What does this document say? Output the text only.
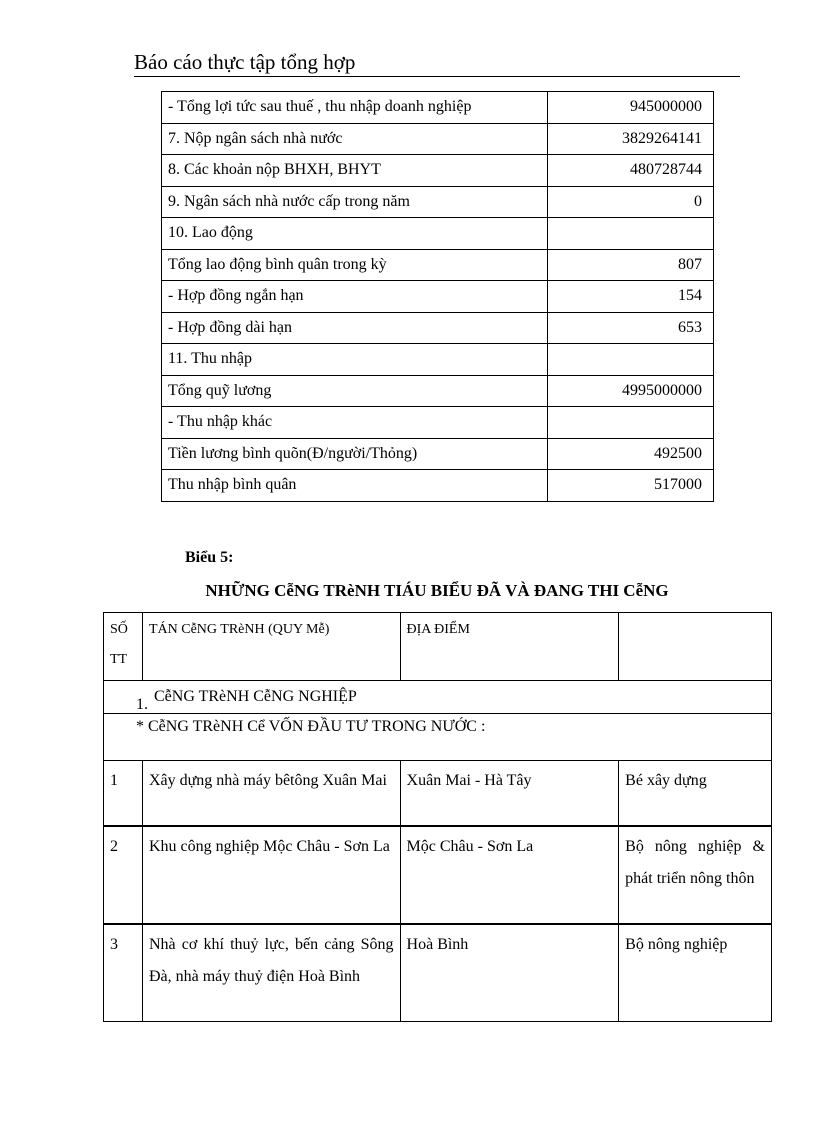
Báo cáo thực tập tổng hợp
- Tổng lợi tức sau thuế , thu nhập doanh nghiệp	945000000
7. Nộp ngân sách nhà nước	3829264141
8. Các khoản nộp BHXH, BHYT	480728744
9. Ngân sách nhà nước cấp trong năm	0
10. Lao động	
Tổng lao động bình quân trong kỳ	807
- Hợp đồng ngắn hạn	154
- Hợp đồng dài hạn	653
11. Thu nhập	
Tổng quỹ lương	4995000000
- Thu nhập khác	
Tiền lương bình quõn(Đ/người/Thỏng)	492500
Thu nhập bình quân	517000
Biểu 5:
NHỮNG CễNG TRèNH TIÁU BIỂU ĐÃ VÀ ĐANG THI CễNG
SỐ TT	TÁN CễNG TRèNH (QUY Mễ)	ĐỊA ĐIỂM	
1. CễNG TRèNH CễNG NGHIỆP			
* CễNG TRèNH Cể VỐN ĐẦU TƯ TRONG NƯỚC :			
1	Xây dựng nhà máy bêtông Xuân Mai	Xuân Mai - Hà Tây	Bé xây dựng
2	Khu công nghiệp Mộc Châu - Sơn La	Mộc Châu - Sơn La	Bộ nông nghiệp & phát triển nông thôn
3	Nhà cơ khí thuỷ lực, bến cảng Sông Đà, nhà máy thuỷ điện Hoà Bình	Hoà Bình	Bộ nông nghiệp
